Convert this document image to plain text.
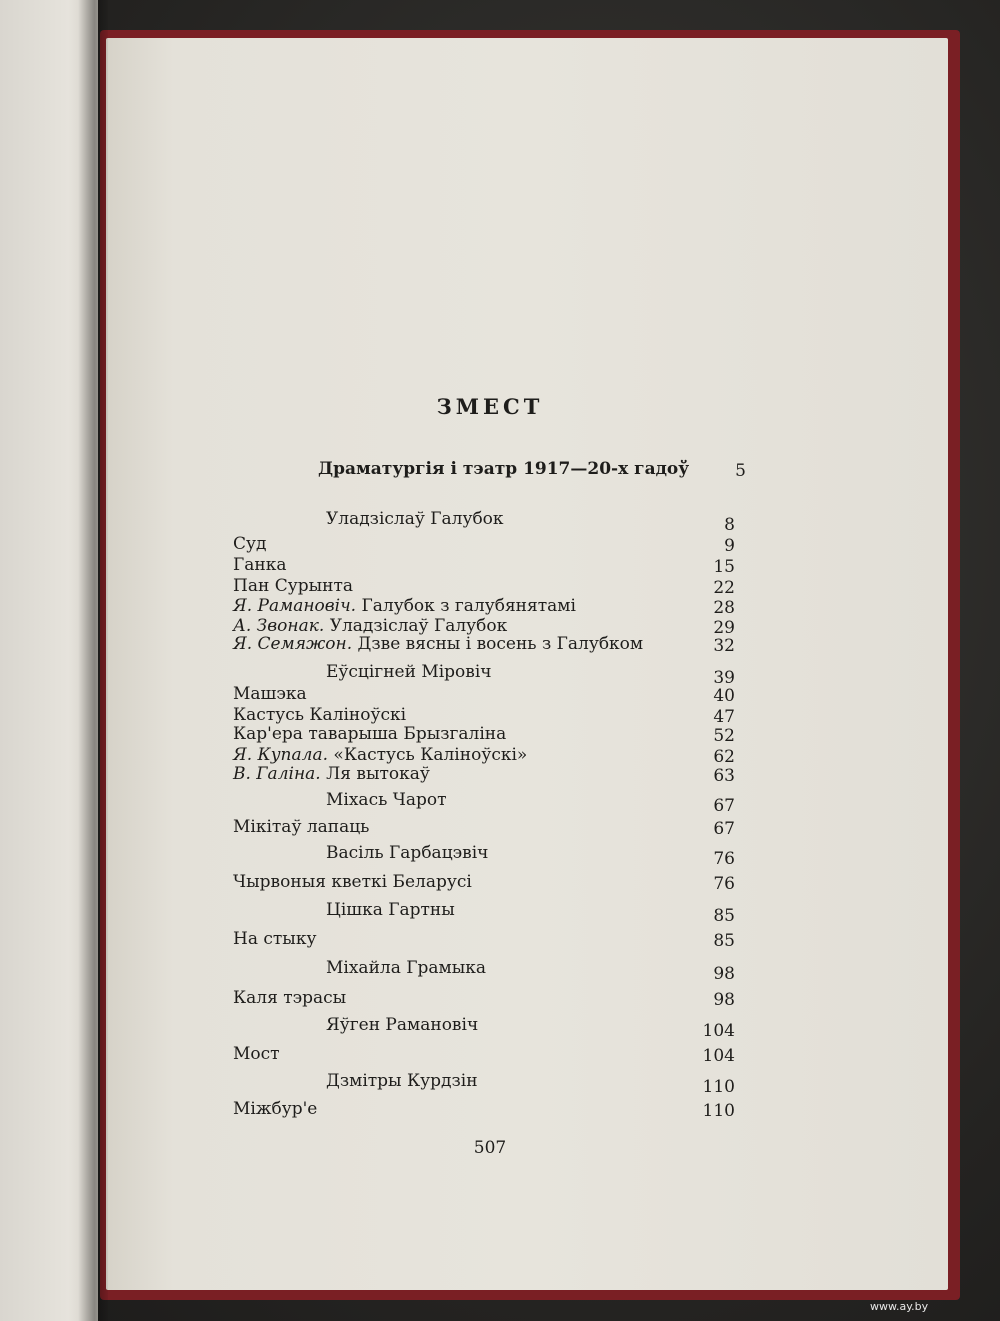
ЗМЕСТ
Драматургія і тэатр 1917—20-х гадоў	5
Уладзіслаў Галубок	8
Суд	9
Ганка	15
Пан Сурынта	22
Я. Рамановіч. Галубок з галубянятамі	28
А. Звонак. Уладзіслаў Галубок	29
Я. Семяжон. Дзве вясны і восень з Галубком	32
Еўсцігней Міровіч	39
Машэка	40
Кастусь Каліноўскі	47
Кар'ера таварыша Брызгаліна	52
Я. Купала. «Кастусь Каліноўскі»	62
В. Галіна. Ля вытокаў	63
Міхась Чарот	67
Мікітаў лапаць	67
Васіль Гарбацэвіч	76
Чырвоныя кветкі Беларусі	76
Цішка Гартны	85
На стыку	85
Міхайла Грамыка	98
Каля тэрасы	98
Яўген Рамановіч	104
Мост	104
Дзмітры Курдзін	110
Міжбур'е	110
507
www.ay.by
